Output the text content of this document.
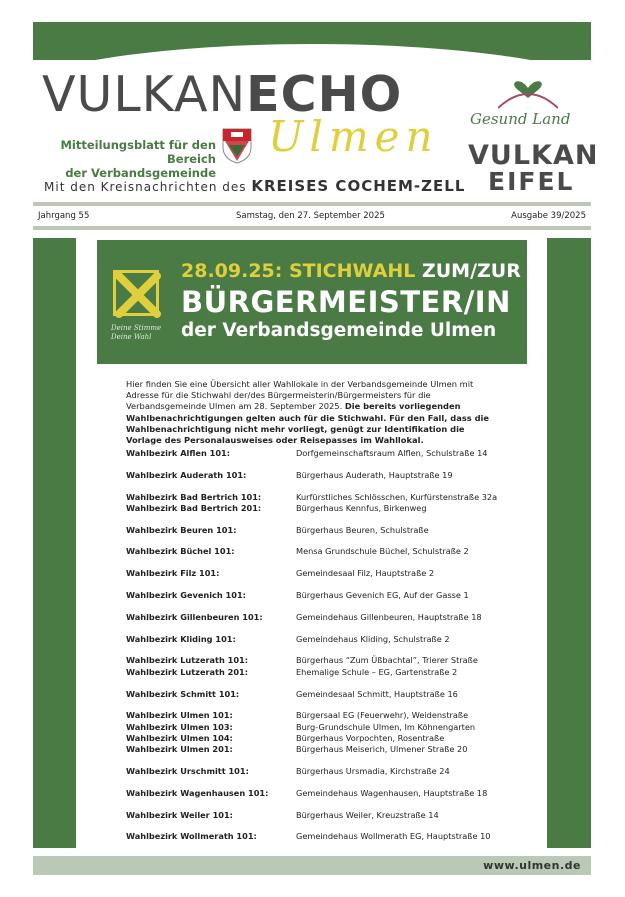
VULKANECHO
Ulmen
Mitteilungsblatt für den Bereich
der Verbandsgemeinde
Mit den Kreisnachrichten des KREISES COCHEM-ZELL
Gesund Land
VULKAN
EIFEL
Jahrgang 55	Samstag, den 27. September 2025	Ausgabe 39/2025
Deine Stimme
Deine Wahl
28.09.25: STICHWAHL ZUM/ZUR
BÜRGERMEISTER/IN
der Verbandsgemeinde Ulmen
Hier finden Sie eine Übersicht aller Wahllokale in der Verbandsgemeinde Ulmen mit Adresse für die Stichwahl der/des Bürgermeisterin/Bürgermeisters für die Verbandsgemeinde Ulmen am 28. September 2025. Die bereits vorliegenden Wahlbenachrichtigungen gelten auch für die Stichwahl. Für den Fall, dass die Wahlbenachrichtigung nicht mehr vorliegt, genügt zur Identifikation die Vorlage des Personalausweises oder Reisepasses im Wahllokal.
Wahlbezirk Alflen 101:	Dorfgemeinschaftsraum Alflen, Schulstraße 14
Wahlbezirk Auderath 101:	Bürgerhaus Auderath, Hauptstraße 19
Wahlbezirk Bad Bertrich 101:	Kurfürstliches Schlösschen, Kurfürstenstraße 32a
Wahlbezirk Bad Bertrich 201:	Bürgerhaus Kennfus, Birkenweg
Wahlbezirk Beuren 101:	Bürgerhaus Beuren, Schulstraße
Wahlbezirk Büchel 101:	Mensa Grundschule Büchel, Schulstraße 2
Wahlbezirk Filz 101:	Gemeindesaal Filz, Hauptstraße 2
Wahlbezirk Gevenich 101:	Bürgerhaus Gevenich EG, Auf der Gasse 1
Wahlbezirk Gillenbeuren 101:	Gemeindehaus Gillenbeuren, Hauptstraße 18
Wahlbezirk Kliding 101:	Gemeindehaus Kliding, Schulstraße 2
Wahlbezirk Lutzerath 101:	Bürgerhaus “Zum Üßbachtal”, Trierer Straße
Wahlbezirk Lutzerath 201:	Ehemalige Schule – EG, Gartenstraße 2
Wahlbezirk Schmitt 101:	Gemeindesaal Schmitt, Hauptstraße 16
Wahlbezirk Ulmen 101:	Bürgersaal EG (Feuerwehr), Weidenstraße
Wahlbezirk Ulmen 103:	Burg-Grundschule Ulmen, Im Köhnengarten
Wahlbezirk Ulmen 104:	Bürgerhaus Vorpochten, Rosentraße
Wahlbezirk Ulmen 201:	Bürgerhaus Meiserich, Ulmener Straße 20
Wahlbezirk Urschmitt 101:	Bürgerhaus Ursmadia, Kirchstraße 24
Wahlbezirk Wagenhausen 101:	Gemeindehaus Wagenhausen, Hauptstraße 18
Wahlbezirk Weiler 101:	Bürgerhaus Weiler, Kreuzstraße 14
Wahlbezirk Wollmerath 101:	Gemeindehaus Wollmerath EG, Hauptstraße 10
www.ulmen.de
